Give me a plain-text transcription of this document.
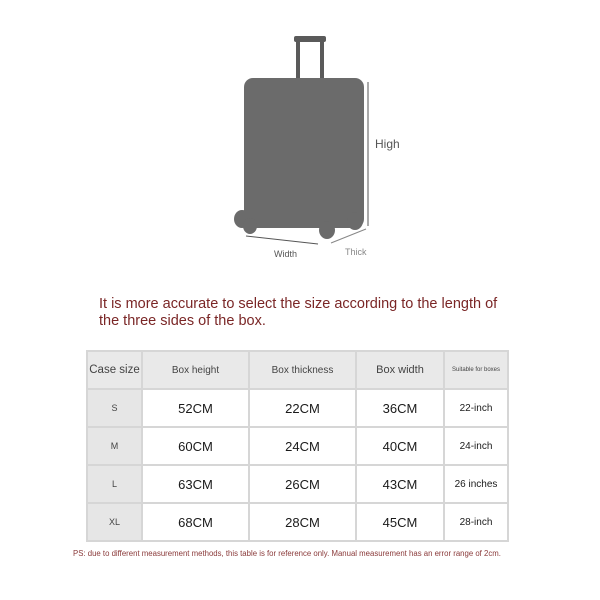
High
Width	Thick
It is more accurate to select the size according to the length of the three sides of the box.
Case size	Box height	Box thickness	Box width	Suitable for boxes
S	52CM	22CM	36CM	22-inch
M	60CM	24CM	40CM	24-inch
L	63CM	26CM	43CM	26 inches
XL	68CM	28CM	45CM	28-inch
PS: due to different measurement methods, this table is for reference only. Manual measurement has an error range of 2cm.
